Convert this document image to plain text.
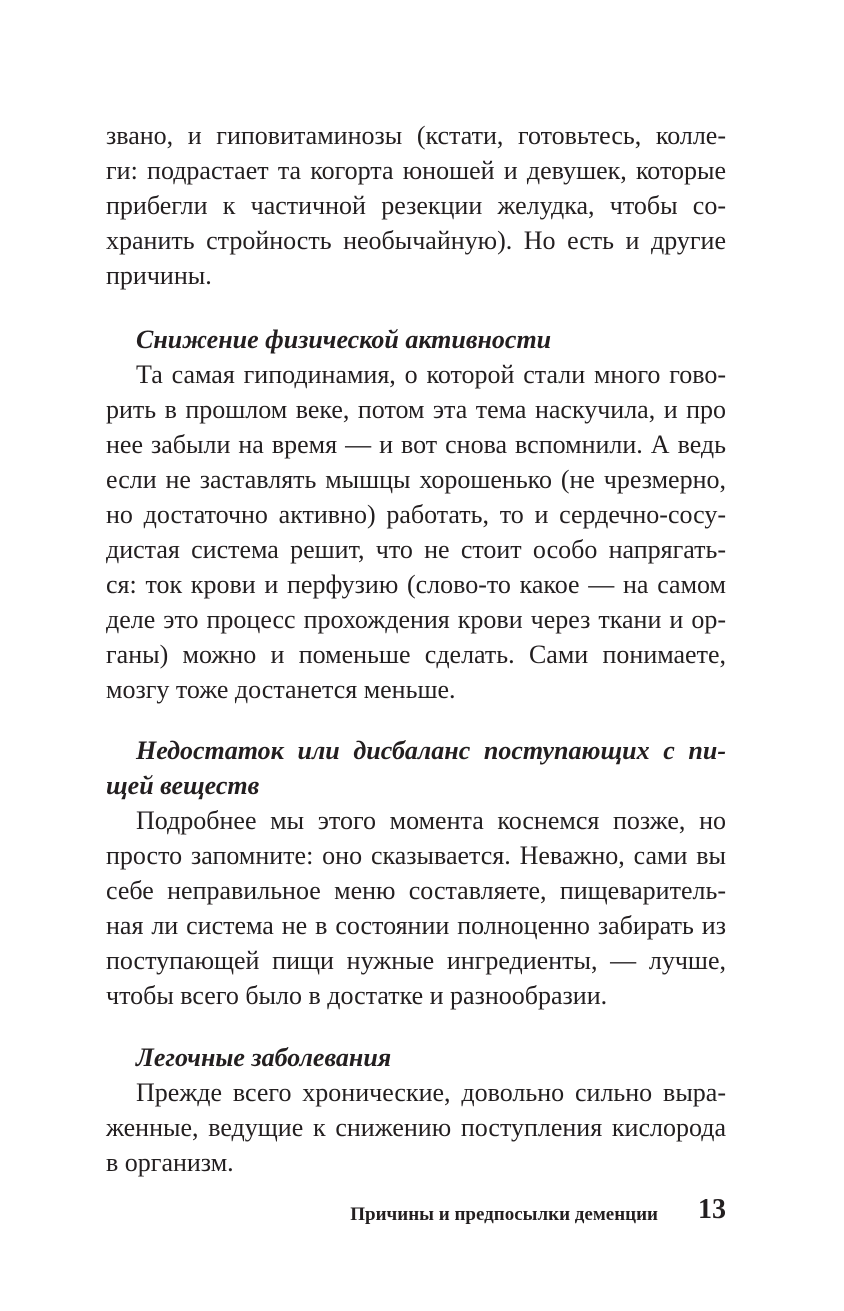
звано, и гиповитаминозы (кстати, готовьтесь, колле-
ги: подрастает та когорта юношей и девушек, которые
прибегли к частичной резекции желудка, чтобы со-
хранить стройность необычайную). Но есть и другие
причины.
Снижение физической активности
Та самая гиподинамия, о которой стали много гово-
рить в прошлом веке, потом эта тема наскучила, и про
нее забыли на время — и вот снова вспомнили. А ведь
если не заставлять мышцы хорошенько (не чрезмерно,
но достаточно активно) работать, то и сердечно-сосу-
дистая система решит, что не стоит особо напрягать-
ся: ток крови и перфузию (слово-то какое — на самом
деле это процесс прохождения крови через ткани и ор-
ганы) можно и поменьше сделать. Сами понимаете,
мозгу тоже достанется меньше.
Недостаток или дисбаланс поступающих с пи-
щей веществ
Подробнее мы этого момента коснемся позже, но
просто запомните: оно сказывается. Неважно, сами вы
себе неправильное меню составляете, пищеваритель-
ная ли система не в состоянии полноценно забирать из
поступающей пищи нужные ингредиенты, — лучше,
чтобы всего было в достатке и разнообразии.
Легочные заболевания
Прежде всего хронические, довольно сильно выра-
женные, ведущие к снижению поступления кислорода
в организм.
Причины и предпосылки деменции 13
